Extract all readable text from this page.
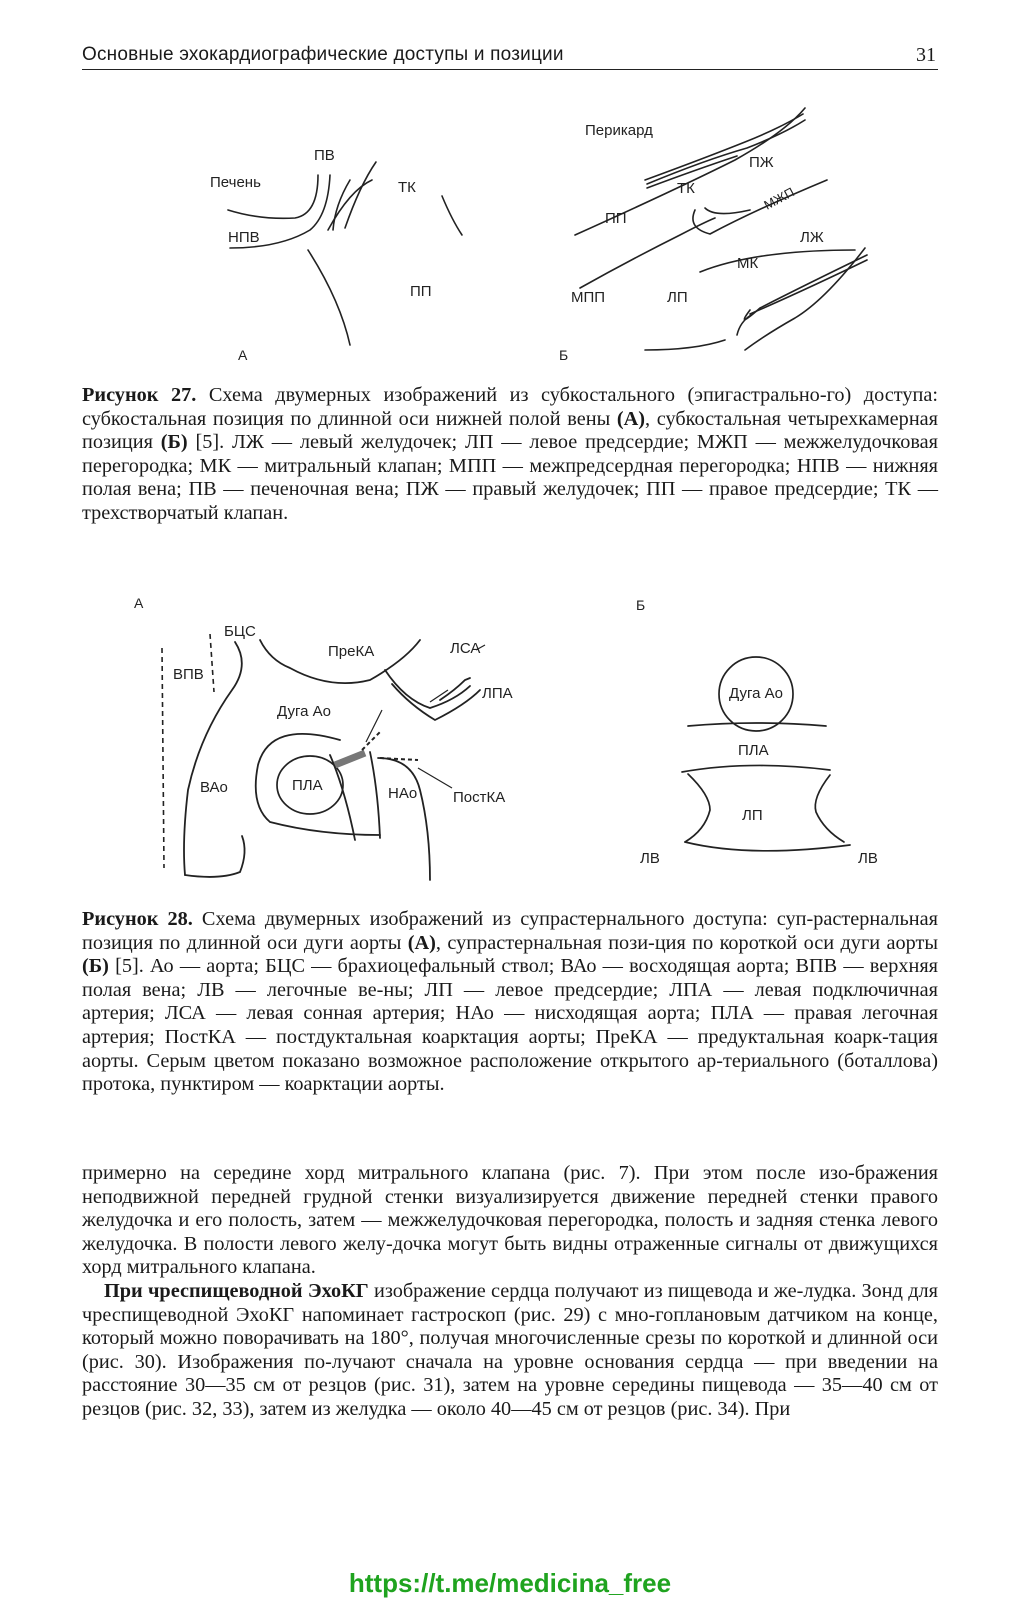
Основные эхокардиографические доступы и позиции	31
Печень
ПВ
НПВ
ТК
ПП
А
Перикард
ПЖ
ТК	МЖП
ПП
ЛЖ
МК
МПП	ЛП
Б
Рисунок 27. Схема двумерных изображений из субкостального (эпигастрально-го) доступа: субкостальная позиция по длинной оси нижней полой вены (А), субкостальная четырехкамерная позиция (Б) [5]. ЛЖ — левый желудочек; ЛП — левое предсердие; МЖП — межжелудочковая перегородка; МК — митральный клапан; МПП — межпредсердная перегородка; НПВ — нижняя полая вена; ПВ — печеночная вена; ПЖ — правый желудочек; ПП — правое предсердие; ТК — трехстворчатый клапан.
А
БЦС
ВПВ
ПреКА	ЛСА
ЛПА
Дуга Ао
ВАо	ПЛА	НАо ПостКА
Б
Дуга Ао
ПЛА
ЛП
ЛВ	ЛВ
Рисунок 28. Схема двумерных изображений из супрастернального доступа: суп-растернальная позиция по длинной оси дуги аорты (А), супрастернальная пози-ция по короткой оси дуги аорты (Б) [5]. Ао — аорта; БЦС — брахиоцефальный ствол; ВАо — восходящая аорта; ВПВ — верхняя полая вена; ЛВ — легочные ве-ны; ЛП — левое предсердие; ЛПА — левая подключичная артерия; ЛСА — левая сонная артерия; НАо — нисходящая аорта; ПЛА — правая легочная артерия; ПостКА — постдуктальная коарктация аорты; ПреКА — предуктальная коарк-тация аорты. Серым цветом показано возможное расположение открытого ар-териального (боталлова) протока, пунктиром — коарктации аорты.

примерно на середине хорд митрального клапана (рис. 7). При этом после изо-бражения неподвижной передней грудной стенки визуализируется движение передней стенки правого желудочка и его полость, затем — межжелудочковая перегородка, полость и задняя стенка левого желудочка. В полости левого желу-дочка могут быть видны отраженные сигналы от движущихся хорд митрального клапана.

При чреспищеводной ЭхоКГ изображение сердца получают из пищевода и же-лудка. Зонд для чреспищеводной ЭхоКГ напоминает гастроскоп (рис. 29) с мно-гоплановым датчиком на конце, который можно поворачивать на 180°, получая многочисленные срезы по короткой и длинной оси (рис. 30). Изображения по-лучают сначала на уровне основания сердца — при введении на расстояние 30—35 см от резцов (рис. 31), затем на уровне середины пищевода — 35—40 см от резцов (рис. 32, 33), затем из желудка — около 40—45 см от резцов (рис. 34). При

https://t.me/medicina_free
